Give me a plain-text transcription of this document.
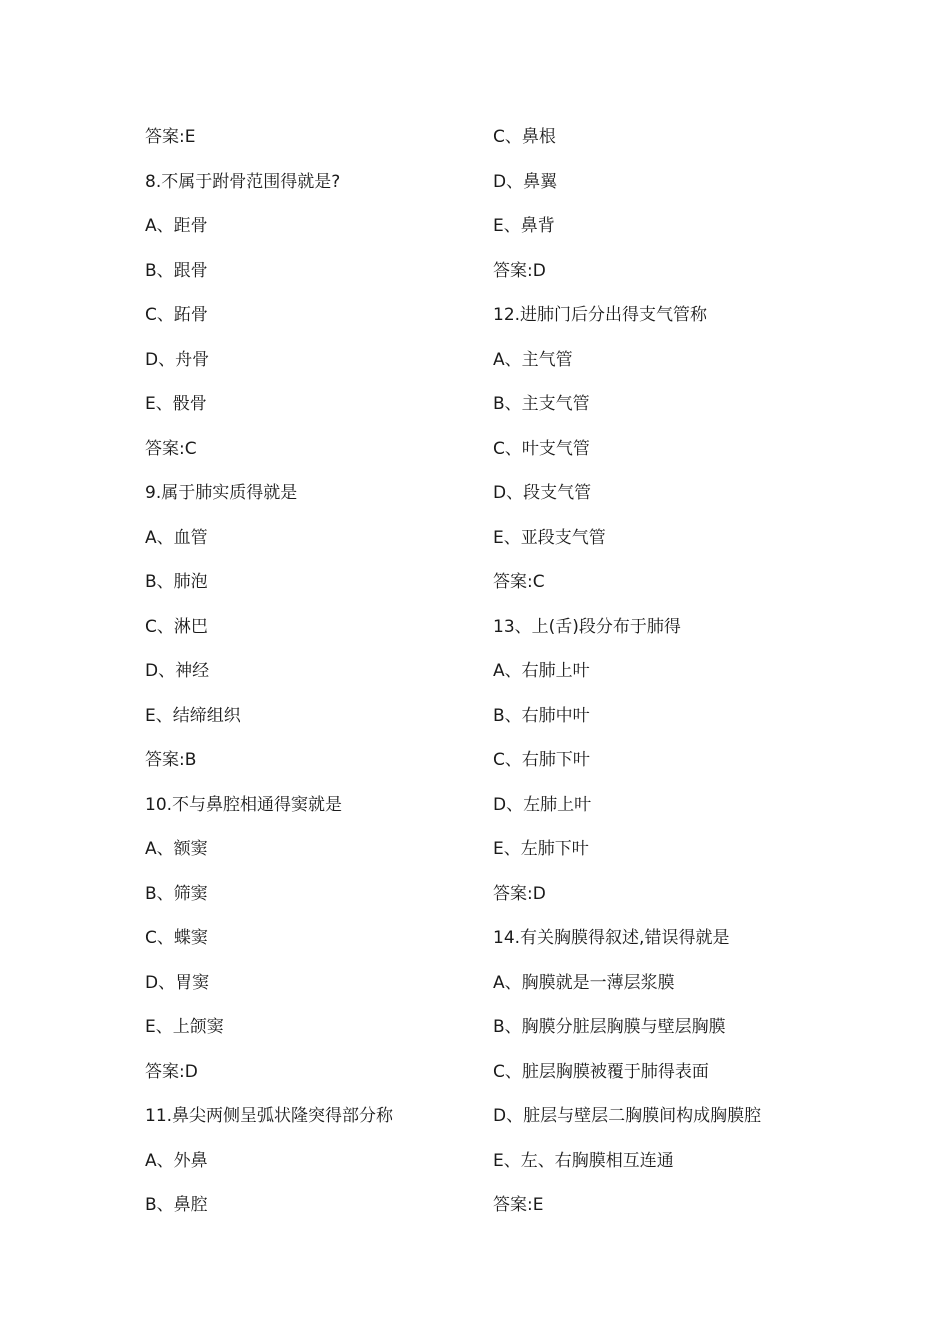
答案:E
8.不属于跗骨范围得就是?
A、距骨
B、跟骨
C、跖骨
D、舟骨
E、骰骨
答案:C
9.属于肺实质得就是
A、血管
B、肺泡
C、淋巴
D、神经
E、结缔组织
答案:B
10.不与鼻腔相通得窦就是
A、额窦
B、筛窦
C、蝶窦
D、胃窦
E、上颌窦
答案:D
11.鼻尖两侧呈弧状隆突得部分称
A、外鼻
B、鼻腔
C、鼻根
D、鼻翼
E、鼻背
答案:D
12.进肺门后分出得支气管称
A、主气管
B、主支气管
C、叶支气管
D、段支气管
E、亚段支气管
答案:C
13、上(舌)段分布于肺得
A、右肺上叶
B、右肺中叶
C、右肺下叶
D、左肺上叶
E、左肺下叶
答案:D
14.有关胸膜得叙述,错误得就是
A、胸膜就是一薄层浆膜
B、胸膜分脏层胸膜与壁层胸膜
C、脏层胸膜被覆于肺得表面
D、脏层与壁层二胸膜间构成胸膜腔
E、左、右胸膜相互连通
答案:E
